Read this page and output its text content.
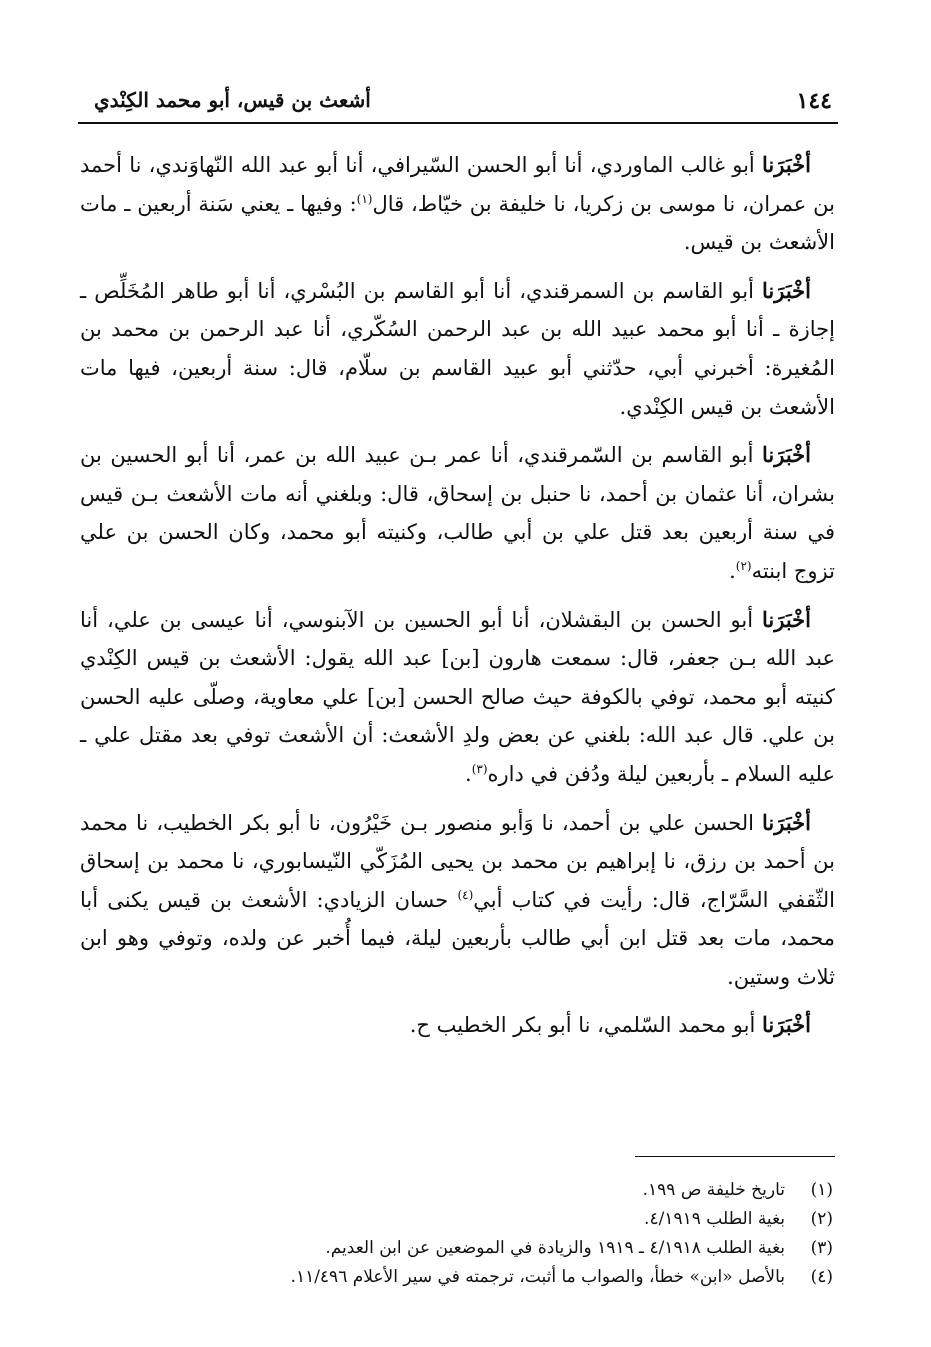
١٤٤
أشعث بن قيس، أبو محمد الكِنْدي

أخْبَرَنا أبو غالب الماوردي، أنا أبو الحسن السّيرافي، أنا أبو عبد الله النّهاوَندي، نا أحمد بن عمران، نا موسى بن زكريا، نا خليفة بن خيّاط، قال$^{(١)}$: وفيها ـ يعني سَنة أربعين ـ مات الأشعث بن قيس.

أخْبَرَنا أبو القاسم بن السمرقندي، أنا أبو القاسم بن البُسْري، أنا أبو طاهر المُخَلِّص ـ إجازة ـ أنا أبو محمد عبيد الله بن عبد الرحمن السُكّري، أنا عبد الرحمن بن محمد بن المُغيرة: أخبرني أبي، حدّثني أبو عبيد القاسم بن سلّام، قال: سنة أربعين، فيها مات الأشعث بن قيس الكِنْدي.

أخْبَرَنا أبو القاسم بن السّمرقندي، أنا عمر بـن عبيد الله بن عمر، أنا أبو الحسين بن بشران، أنا عثمان بن أحمد، نا حنبل بن إسحاق، قال: وبلغني أنه مات الأشعث بـن قيس في سنة أربعين بعد قتل علي بن أبي طالب، وكنيته أبو محمد، وكان الحسن بن علي تزوج ابنته$^{(٢)}$.

أخْبَرَنا أبو الحسن بن البقشلان، أنا أبو الحسين بن الآبنوسي، أنا عيسى بن علي، أنا عبد الله بـن جعفر، قال: سمعت هارون [بن] عبد الله يقول: الأشعث بن قيس الكِنْدي كنيته أبو محمد، توفي بالكوفة حيث صالح الحسن [بن] علي معاوية، وصلّى عليه الحسن بن علي. قال عبد الله: بلغني عن بعض ولدِ الأشعث: أن الأشعث توفي بعد مقتل علي ـ عليه السلام ـ بأربعين ليلة ودُفن في داره$^{(٣)}$.

أخْبَرَنا الحسن علي بن أحمد، نا وَأبو منصور بـن خَيْرُون، نا أبو بكر الخطيب، نا محمد بن أحمد بن رزق، نا إبراهيم بن محمد بن يحيى المُزَكّي النّيسابوري، نا محمد بن إسحاق الثّقفي السَّرّاج، قال: رأيت في كتاب أبي$^{(٤)}$ حسان الزيادي: الأشعث بن قيس يكنى أبا محمد، مات بعد قتل ابن أبي طالب بأربعين ليلة، فيما أُخبر عن ولده، وتوفي وهو ابن ثلاث وستين.

أخْبَرَنا أبو محمد السّلمي، نا أبو بكر الخطيب ح.

(١)
تاريخ خليفة ص ١٩٩.
(٢)
بغية الطلب ٤/١٩١٩.
(٣)
بغية الطلب ٤/١٩١٨ ـ ١٩١٩ والزيادة في الموضعين عن ابن العديم.
(٤)
بالأصل «ابن» خطأ، والصواب ما أثبت، ترجمته في سير الأعلام ١١/٤٩٦.
